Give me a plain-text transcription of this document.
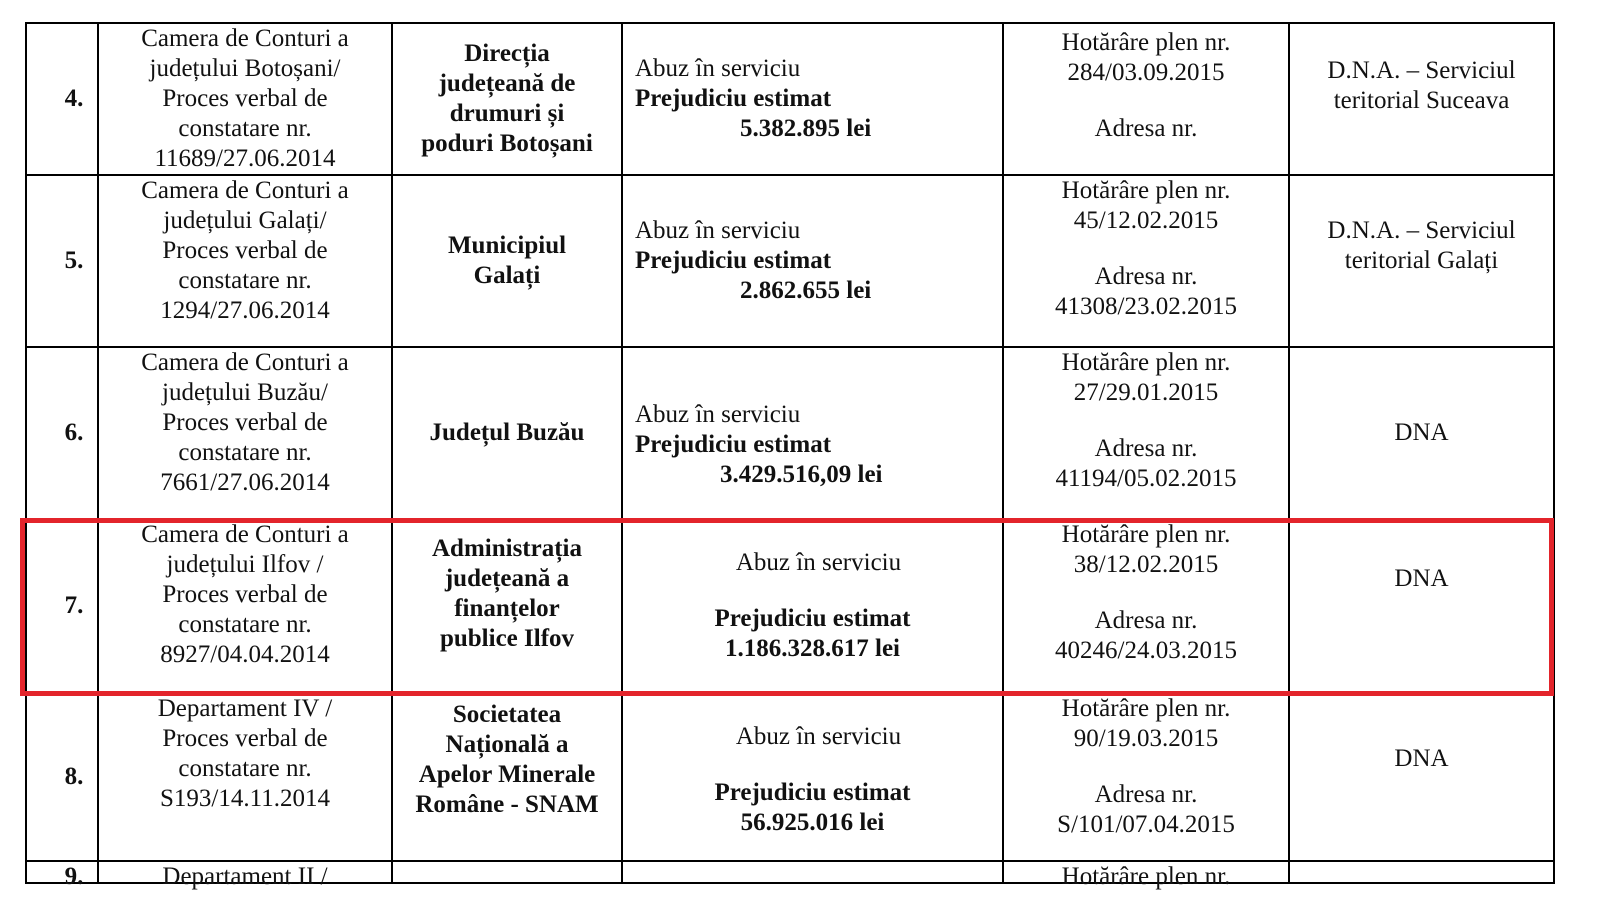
4.	Camera de Conturi a
județului Botoșani/
Proces verbal de
constatare nr.
11689/27.06.2014	Direcția
județeană de
drumuri și
poduri Botoșani	Abuz în serviciu
Prejudiciu estimat
5.382.895 lei	Hotărâre plen nr.
284/03.09.2015
Adresa nr.	D.N.A. – Serviciul
teritorial Suceava

5.	Camera de Conturi a
județului Galați/
Proces verbal de
constatare nr.
1294/27.06.2014	Municipiul
Galați	Abuz în serviciu
Prejudiciu estimat
2.862.655 lei	Hotărâre plen nr.
45/12.02.2015
Adresa nr.
41308/23.02.2015	D.N.A. – Serviciul
teritorial Galați

6.	Camera de Conturi a
județului Buzău/
Proces verbal de
constatare nr.
7661/27.06.2014	Județul Buzău	Abuz în serviciu
Prejudiciu estimat
3.429.516,09 lei	Hotărâre plen nr.
27/29.01.2015
Adresa nr.
41194/05.02.2015	DNA

7.	Camera de Conturi a
județului Ilfov /
Proces verbal de
constatare nr.
8927/04.04.2014	Administrația
județeană a
finanțelor
publice Ilfov	Abuz în serviciu
Prejudiciu estimat
1.186.328.617 lei	Hotărâre plen nr.
38/12.02.2015
Adresa nr.
40246/24.03.2015	DNA

8.	Departament IV /
Proces verbal de
constatare nr.
S193/14.11.2014	Societatea
Națională a
Apelor Minerale
Române - SNAM	Abuz în serviciu
Prejudiciu estimat
56.925.016 lei	Hotărâre plen nr.
90/19.03.2015
Adresa nr.
S/101/07.04.2015	DNA

9.	Departament II /			Hotărâre plen nr.	
